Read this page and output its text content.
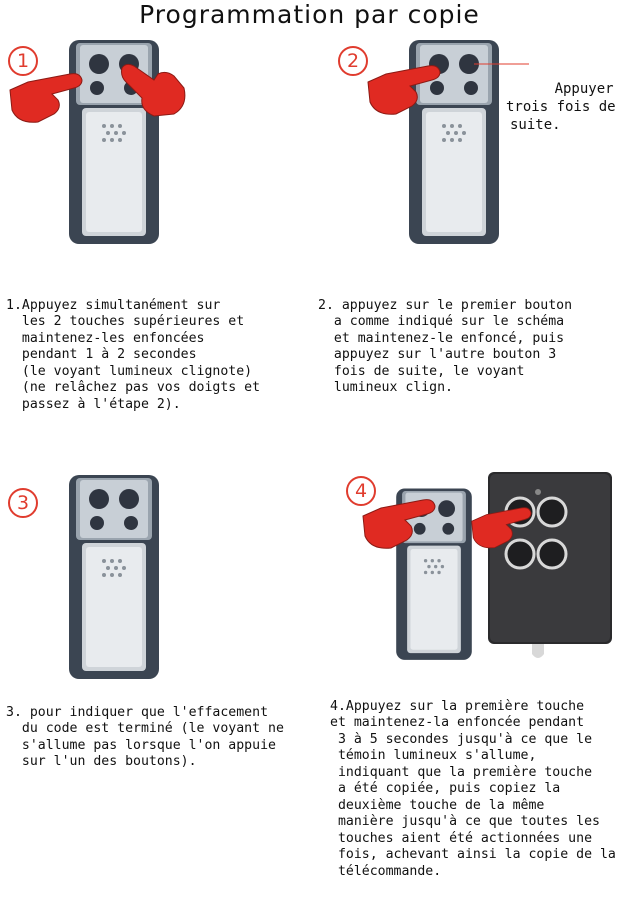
Programmation par copie
1

1.Appuyez simultanément sur
les 2 touches supérieures et
maintenez-les enfoncées
pendant 1 à 2 secondes
(le voyant lumineux clignote)
(ne relâchez pas vos doigts et
passez à l'étape 2).

2

Appuyer
trois fois de
suite.

2. appuyez sur le premier bouton
a comme indiqué sur le schéma
et maintenez-le enfoncé, puis
appuyez sur l'autre bouton 3
fois de suite, le voyant
lumineux clign.

3

3. pour indiquer que l'effacement
du code est terminé (le voyant ne
s'allume pas lorsque l'on appuie
sur l'un des boutons).

4

4.Appuyez sur la première touche
et maintenez-la enfoncée pendant
3 à 5 secondes jusqu'à ce que le
témoin lumineux s'allume,
indiquant que la première touche
a été copiée, puis copiez la
deuxième touche de la même
manière jusqu'à ce que toutes les
touches aient été actionnées une
fois, achevant ainsi la copie de la
télécommande.
